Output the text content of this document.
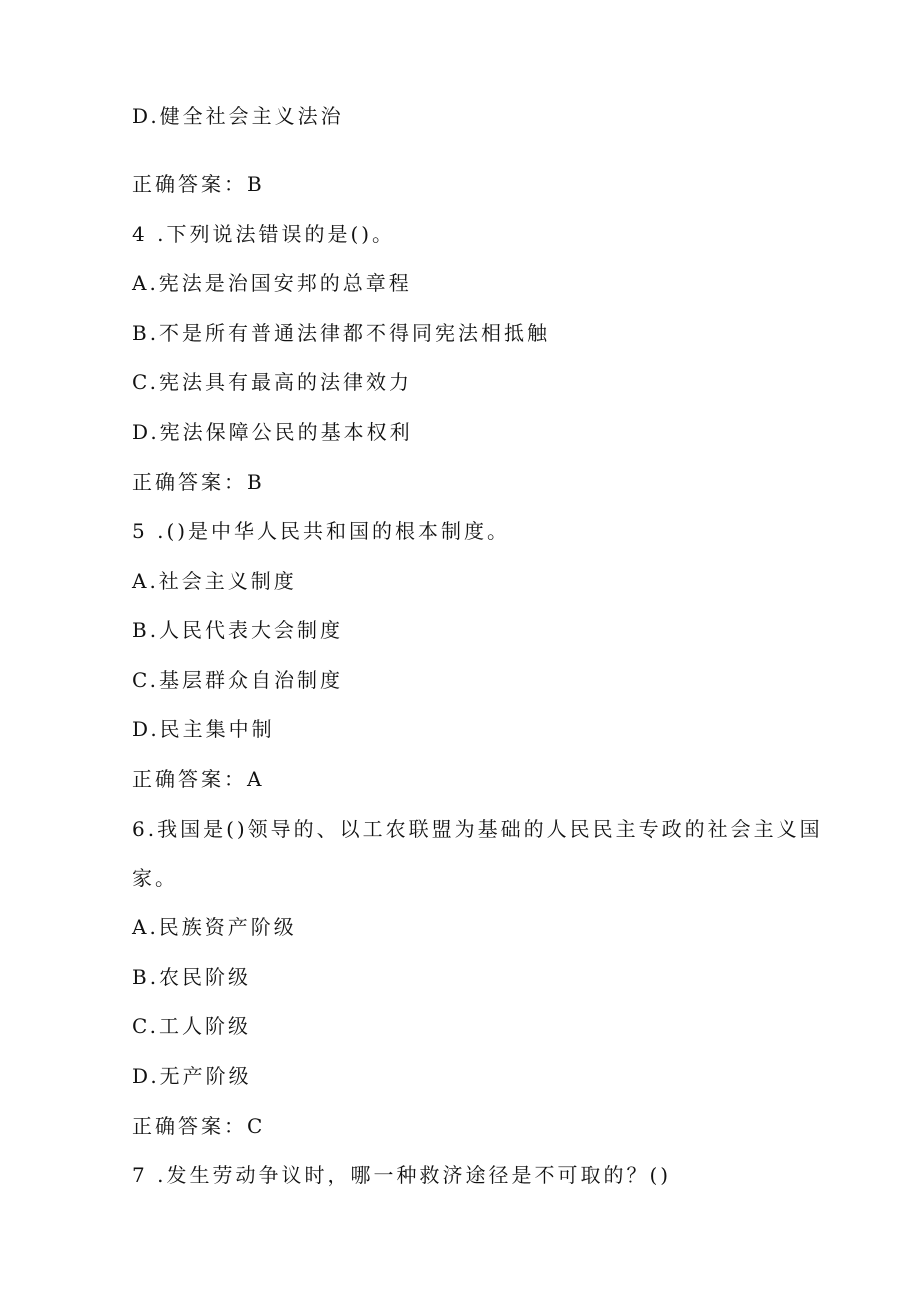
D.健全社会主义法治
正确答案：B
4 .下列说法错误的是()。
A.宪法是治国安邦的总章程
B.不是所有普通法律都不得同宪法相抵触
C.宪法具有最高的法律效力
D.宪法保障公民的基本权利
正确答案：B
5 .()是中华人民共和国的根本制度。
A.社会主义制度
B.人民代表大会制度
C.基层群众自治制度
D.民主集中制
正确答案：A
6.我国是()领导的、以工农联盟为基础的人民民主专政的社会主义国
家。
A.民族资产阶级
B.农民阶级
C.工人阶级
D.无产阶级
正确答案：C
7 .发生劳动争议时，哪一种救济途径是不可取的？()
